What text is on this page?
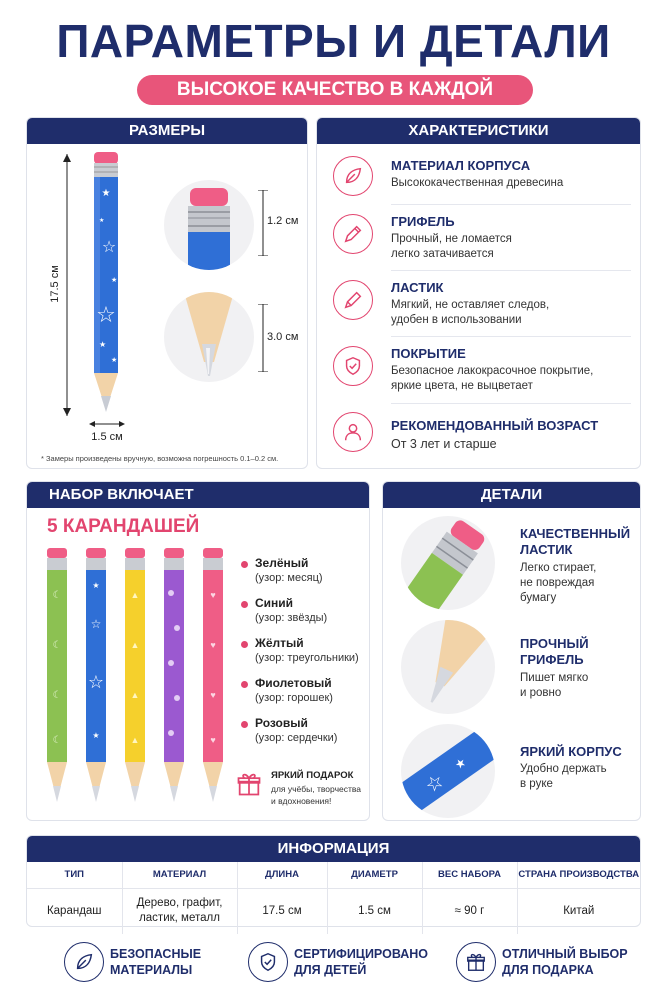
ПАРАМЕТРЫ И ДЕТАЛИ
ВЫСОКОЕ КАЧЕСТВО В КАЖДОЙ
РАЗМЕРЫ
17.5 см
★
★
☆
★
☆
★
★
1.5 см
1.2 см
3.0 см
* Замеры произведены вручную, возможна погрешность 0.1–0.2 см.
ХАРАКТЕРИСТИКИ
МАТЕРИАЛ КОРПУСА
Высококачественная древесина
ГРИФЕЛЬ
Прочный, не ломается
легко затачивается
ЛАСТИК
Мягкий, не оставляет следов,
удобен в использовании
ПОКРЫТИЕ
Безопасное лакокрасочное покрытие,
яркие цвета, не выцветает
РЕКОМЕНДОВАННЫЙ ВОЗРАСТ
От 3 лет и старше
НАБОР ВКЛЮЧАЕТ
5 КАРАНДАШЕЙ
☾
☾
☾
☾
★
☆
☆
★
▲
▲
▲
▲
♥
♥
♥
♥
Зелёный
(узор: месяц)
Синий
(узор: звёзды)
Жёлтый
(узор: треугольники)
Фиолетовый
(узор: горошек)
Розовый
(узор: сердечки)
ЯРКИЙ ПОДАРОК
для учёбы, творчества
и вдохновения!
ДЕТАЛИ
КАЧЕСТВЕННЫЙ
ЛАСТИК
Легко стирает,
не повреждая
бумагу
ПРОЧНЫЙ
ГРИФЕЛЬ
Пишет мягко
и ровно
☆
★
ЯРКИЙ КОРПУС
Удобно держать
в руке
ИНФОРМАЦИЯ
ТИП	МАТЕРИАЛ	ДЛИНА	ДИАМЕТР	ВЕС НАБОРА	СТРАНА ПРОИЗВОДСТВА
Карандаш	Дерево, графит,
ластик, металл	17.5 см	1.5 см	≈ 90 г	Китай
БЕЗОПАСНЫЕ
МАТЕРИАЛЫ
СЕРТИФИЦИРОВАНО
ДЛЯ ДЕТЕЙ
ОТЛИЧНЫЙ ВЫБОР
ДЛЯ ПОДАРКА
